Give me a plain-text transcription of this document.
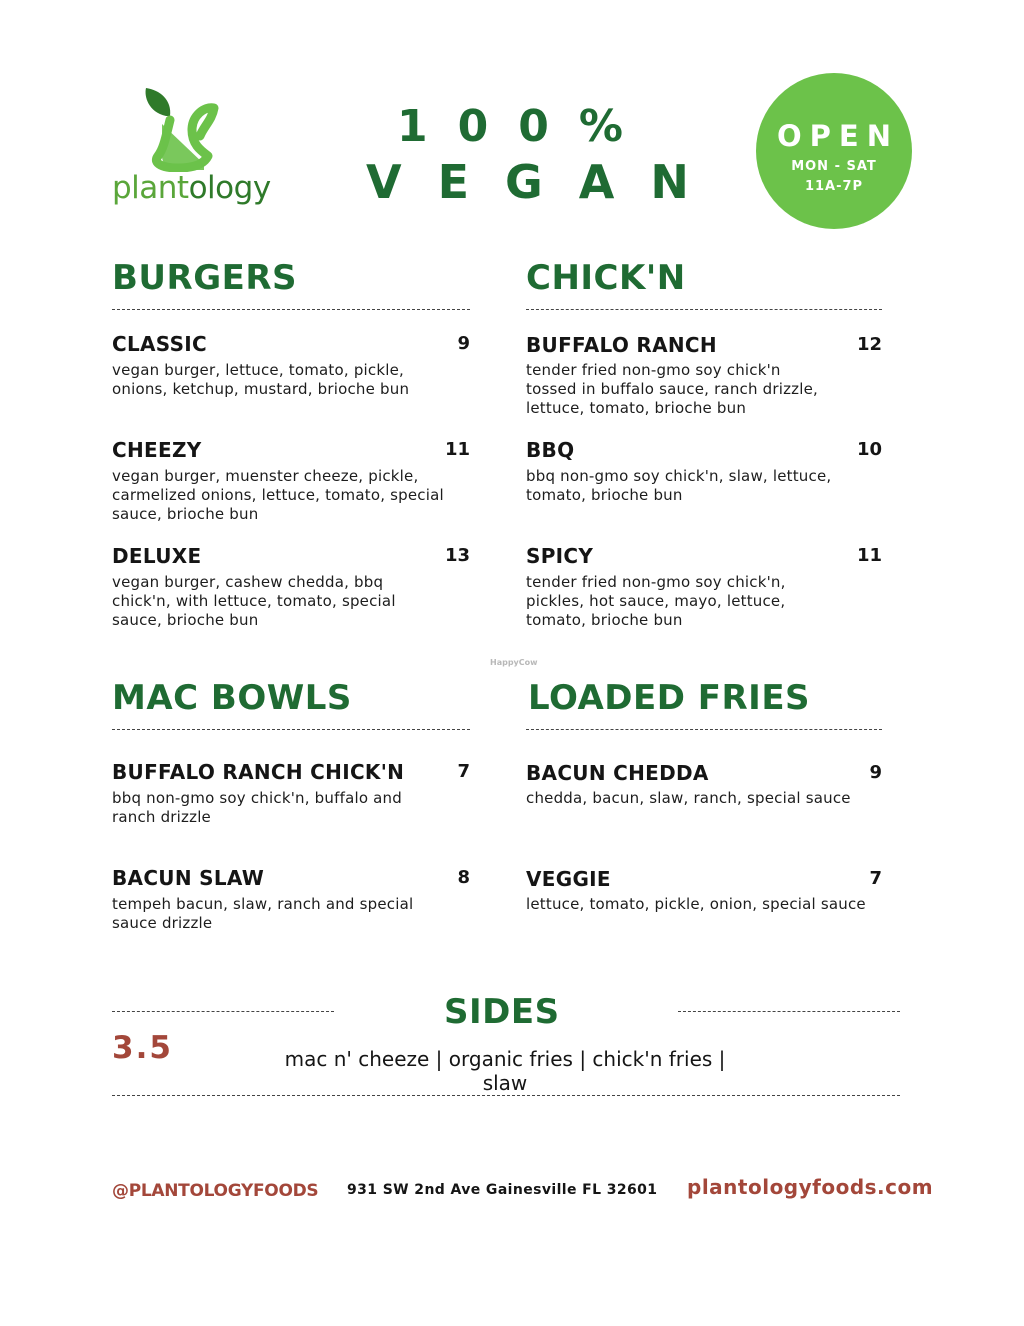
plantology
100%
VEGAN
OPEN
MON - SAT
11A-7P
BURGERS
CLASSIC	9
vegan burger, lettuce, tomato, pickle,
onions, ketchup, mustard, brioche bun
CHEEZY	11
vegan burger, muenster cheeze, pickle,
carmelized onions, lettuce, tomato, special
sauce, brioche bun
DELUXE	13
vegan burger, cashew chedda, bbq
chick'n, with lettuce, tomato, special
sauce, brioche bun
CHICK'N
BUFFALO RANCH	12
tender fried non-gmo soy chick'n
tossed in buffalo sauce, ranch drizzle,
lettuce, tomato, brioche bun
BBQ	10
bbq non-gmo soy chick'n, slaw, lettuce,
tomato, brioche bun
SPICY	11
tender fried non-gmo soy chick'n,
pickles, hot sauce, mayo, lettuce,
tomato, brioche bun
HappyCow
MAC BOWLS
BUFFALO RANCH CHICK'N	7
bbq non-gmo soy chick'n, buffalo and
ranch drizzle
BACUN SLAW	8
tempeh bacun, slaw, ranch and special
sauce drizzle
LOADED FRIES
BACUN CHEDDA	9
chedda, bacun, slaw, ranch, special sauce
VEGGIE	7
lettuce, tomato, pickle, onion, special sauce
SIDES
3.5	mac n' cheeze | organic fries | chick'n fries | slaw
@PLANTOLOGYFOODS 931 SW 2nd Ave Gainesville FL 32601 plantologyfoods.com
